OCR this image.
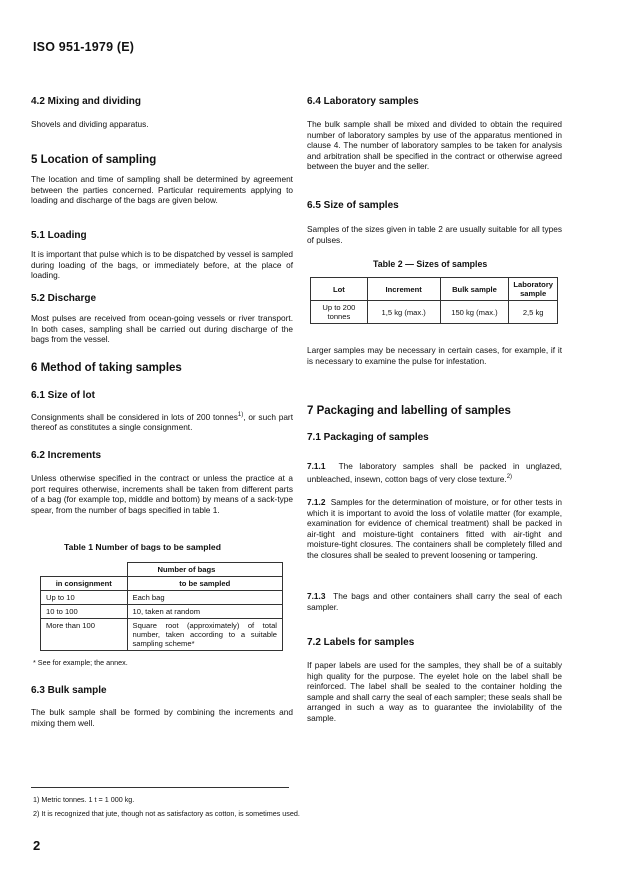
ISO 951-1979 (E)
4.2 Mixing and dividing
Shovels and dividing apparatus.
5 Location of sampling
The location and time of sampling shall be determined by agreement between the parties concerned. Particular requirements applying to loading and discharge of the bags are given below.
5.1 Loading
It is important that pulse which is to be dispatched by vessel is sampled during loading of the bags, or immediately before, at the place of loading.
5.2 Discharge
Most pulses are received from ocean-going vessels or river transport. In both cases, sampling shall be carried out during discharge of the bags from the vessel.
6 Method of taking samples
6.1 Size of lot
Consignments shall be considered in lots of 200 tonnes$^{1)}$, or such part thereof as constitutes a single consignment.
6.2 Increments
Unless otherwise specified in the contract or unless the practice at a port requires otherwise, increments shall be taken from different parts of a bag (for example top, middle and bottom) by means of a sack-type spear, from the number of bags specified in table 1.
Table 1 Number of bags to be sampled
	Number of bags
in consignment	to be sampled
Up to 10	Each bag
10 to 100	10, taken at random
More than 100	Square root (approximately) of total number, taken according to a suitable sampling scheme*
* See for example; the annex.
6.3 Bulk sample
The bulk sample shall be formed by combining the increments and mixing them well.
6.4 Laboratory samples
The bulk sample shall be mixed and divided to obtain the required number of laboratory samples by use of the apparatus mentioned in clause 4. The number of laboratory samples to be taken for analysis and arbitration shall be specified in the contract or otherwise agreed between the buyer and the seller.
6.5 Size of samples
Samples of the sizes given in table 2 are usually suitable for all types of pulses.
Table 2 — Sizes of samples
Lot	Increment	Bulk sample	Laboratory sample
Up to 200 tonnes	1,5 kg (max.)	150 kg (max.)	2,5 kg
Larger samples may be necessary in certain cases, for example, if it is necessary to examine the pulse for infestation.
7 Packaging and labelling of samples
7.1 Packaging of samples
7.1.1 The laboratory samples shall be packed in unglazed, unbleached, insewn, cotton bags of very close texture.$^{2)}$
7.1.2 Samples for the determination of moisture, or for other tests in which it is important to avoid the loss of volatile matter (for example, examination for evidence of chemical treatment) shall be packed in air-tight and moisture-tight containers fitted with air-tight and moisture-tight closures. The containers shall be completely filled and the closures shall be sealed to prevent loosening or tampering.
7.1.3 The bags and other containers shall carry the seal of each sampler.
7.2 Labels for samples
If paper labels are used for the samples, they shall be of a suitably high quality for the purpose. The eyelet hole on the label shall be reinforced. The label shall be sealed to the container holding the sample and shall carry the seal of each sampler; these seals shall be arranged in such a way as to guarantee the inviolability of the sample.
1) Metric tonnes. 1 t = 1 000 kg.
2) It is recognized that jute, though not as satisfactory as cotton, is sometimes used.
2
